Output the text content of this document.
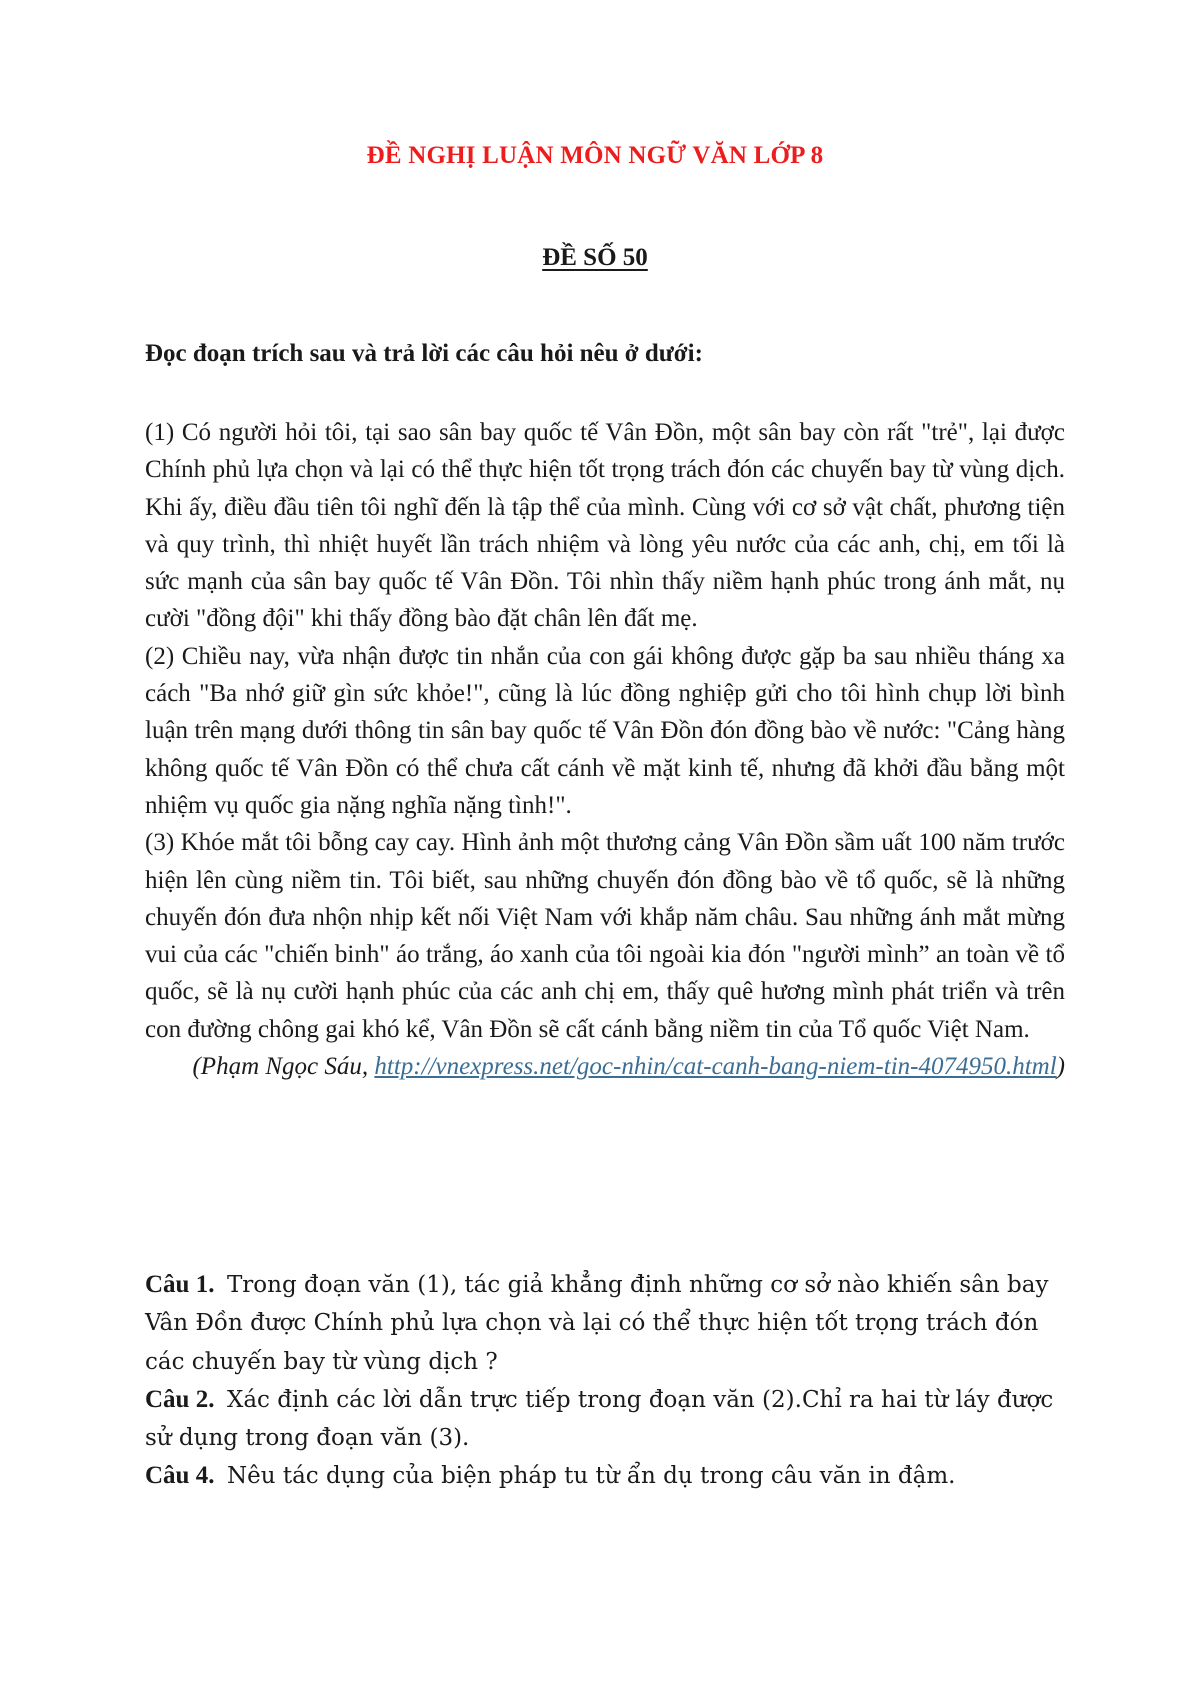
ĐỀ NGHỊ LUẬN MÔN NGỮ VĂN LỚP 8
ĐỀ SỐ 50
Đọc đoạn trích sau và trả lời các câu hỏi nêu ở dưới:

(1) Có người hỏi tôi, tại sao sân bay quốc tế Vân Đồn, một sân bay còn rất "trẻ", lại được Chính phủ lựa chọn và lại có thể thực hiện tốt trọng trách đón các chuyến bay từ vùng dịch. Khi ấy, điều đầu tiên tôi nghĩ đến là tập thể của mình. Cùng với cơ sở vật chất, phương tiện và quy trình, thì nhiệt huyết lần trách nhiệm và lòng yêu nước của các anh, chị, em tối là sức mạnh của sân bay quốc tế Vân Đồn. Tôi nhìn thấy niềm hạnh phúc trong ánh mắt, nụ cười "đồng đội" khi thấy đồng bào đặt chân lên đất mẹ.

(2) Chiều nay, vừa nhận được tin nhắn của con gái không được gặp ba sau nhiều tháng xa cách "Ba nhớ giữ gìn sức khỏe!", cũng là lúc đồng nghiệp gửi cho tôi hình chụp lời bình luận trên mạng dưới thông tin sân bay quốc tế Vân Đồn đón đồng bào về nước: "Cảng hàng không quốc tế Vân Đồn có thể chưa cất cánh về mặt kinh tế, nhưng đã khởi đầu bằng một nhiệm vụ quốc gia nặng nghĩa nặng tình!".

(3) Khóe mắt tôi bỗng cay cay. Hình ảnh một thương cảng Vân Đồn sầm uất 100 năm trước hiện lên cùng niềm tin. Tôi biết, sau những chuyến đón đồng bào về tổ quốc, sẽ là những chuyến đón đưa nhộn nhịp kết nối Việt Nam với khắp năm châu. Sau những ánh mắt mừng vui của các "chiến binh" áo trắng, áo xanh của tôi ngoài kia đón "người mình” an toàn về tổ quốc, sẽ là nụ cười hạnh phúc của các anh chị em, thấy quê hương mình phát triển và trên con đường chông gai khó kể, Vân Đồn sẽ cất cánh bằng niềm tin của Tổ quốc Việt Nam.

(Phạm Ngọc Sáu, http://vnexpress.net/goc-nhin/cat-canh-bang-niem-tin-4074950.html)

Câu 1. Trong đoạn văn (1), tác giả khẳng định những cơ sở nào khiến sân bay Vân Đồn được Chính phủ lựa chọn và lại có thể thực hiện tốt trọng trách đón các chuyến bay từ vùng dịch ?

Câu 2. Xác định các lời dẫn trực tiếp trong đoạn văn (2).Chỉ ra hai từ láy được sử dụng trong đoạn văn (3).

Câu 4. Nêu tác dụng của biện pháp tu từ ẩn dụ trong câu văn in đậm.
